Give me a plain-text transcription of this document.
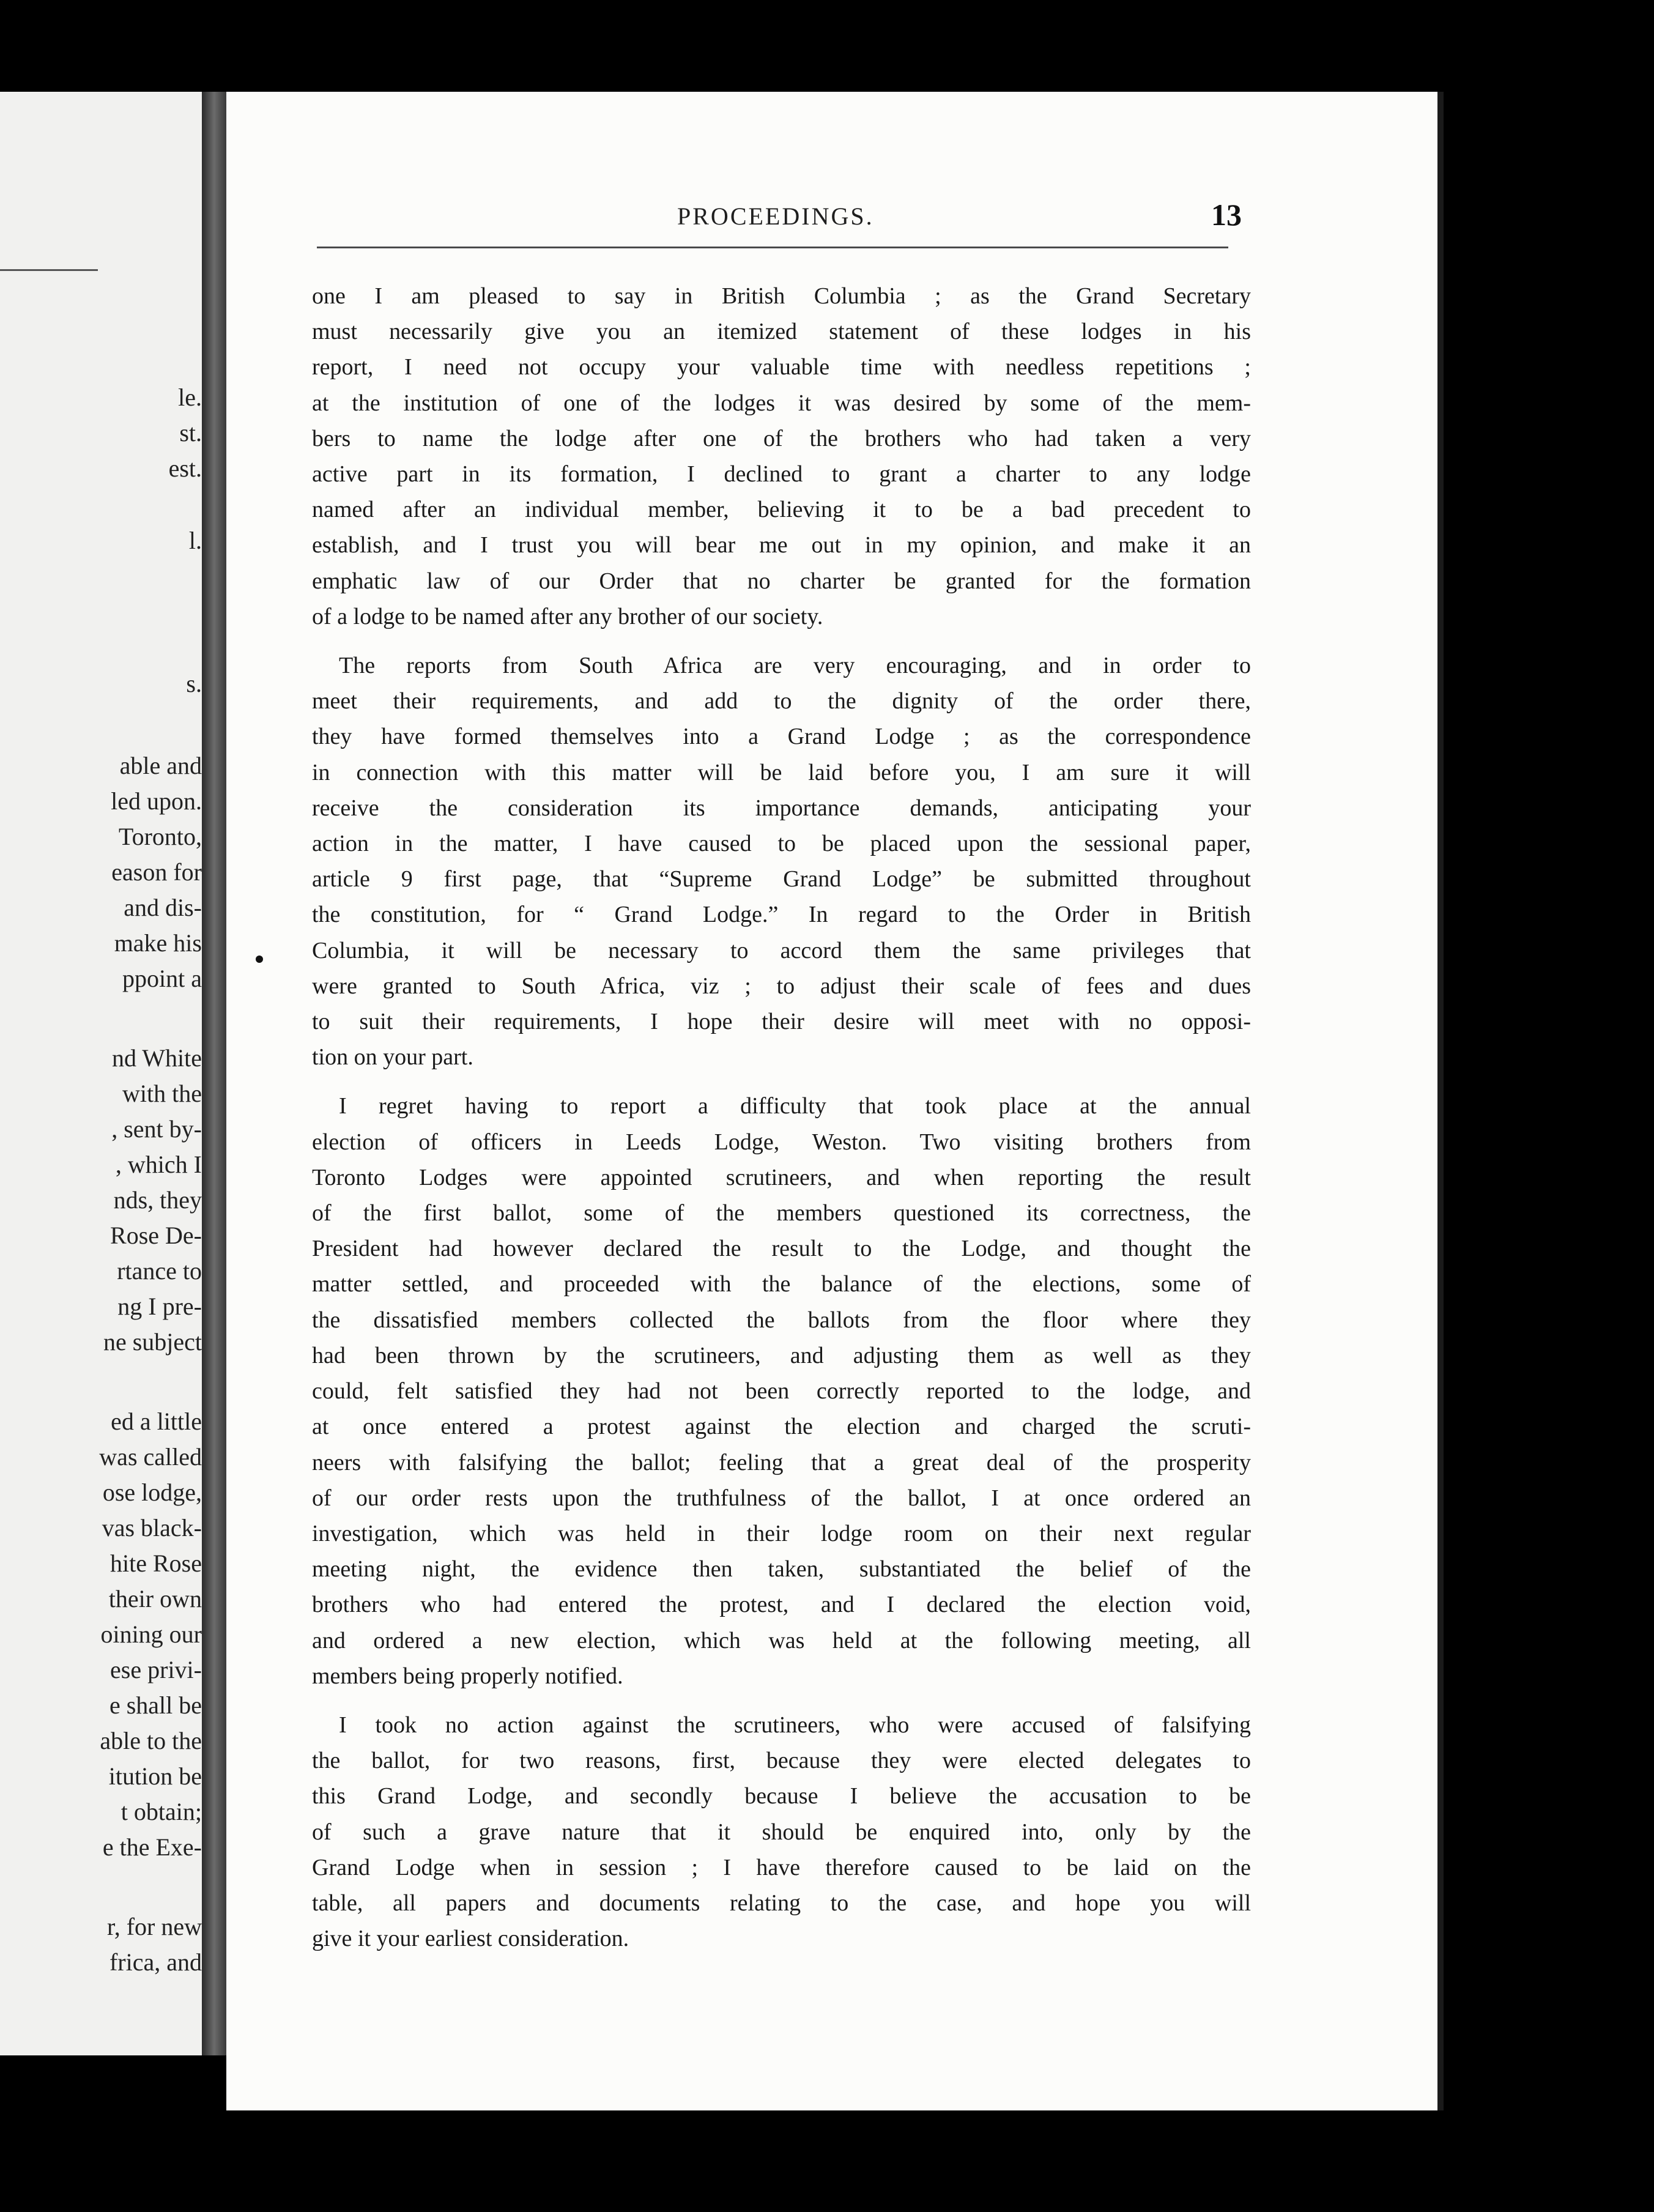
le.
st.
est.
l.
s.
able and
led upon.
Toronto,
eason for
and dis-
make his
ppoint a
nd White
with the
, sent by-
, which I
nds, they
Rose De-
rtance to
ng I pre-
ne subject
ed a little
was called
ose lodge,
vas black-
hite Rose
their own
oining our
ese privi-
e shall be
able to the
itution be
t obtain;
e the Exe-
r, for new
frica, and
PROCEEDINGS.	13
one I am pleased to say in British Columbia ; as the Grand Secretary
must necessarily give you an itemized statement of these lodges in his
report, I need not occupy your valuable time with needless repetitions ;
at the institution of one of the lodges it was desired by some of the mem-
bers to name the lodge after one of the brothers who had taken a very
active part in its formation, I declined to grant a charter to any lodge
named after an individual member, believing it to be a bad precedent to
establish, and I trust you will bear me out in my opinion, and make it an
emphatic law of our Order that no charter be granted for the formation
of a lodge to be named after any brother of our society.
The reports from South Africa are very encouraging, and in order to
meet their requirements, and add to the dignity of the order there,
they have formed themselves into a Grand Lodge ; as the correspondence
in connection with this matter will be laid before you, I am sure it will
receive the consideration its importance demands, anticipating your
action in the matter, I have caused to be placed upon the sessional paper,
article 9 first page, that “Supreme Grand Lodge” be submitted throughout
the constitution, for “ Grand Lodge.” In regard to the Order in British
Columbia, it will be necessary to accord them the same privileges that
were granted to South Africa, viz ; to adjust their scale of fees and dues
to suit their requirements, I hope their desire will meet with no opposi-
tion on your part.
I regret having to report a difficulty that took place at the annual
election of officers in Leeds Lodge, Weston. Two visiting brothers from
Toronto Lodges were appointed scrutineers, and when reporting the result
of the first ballot, some of the members questioned its correctness, the
President had however declared the result to the Lodge, and thought the
matter settled, and proceeded with the balance of the elections, some of
the dissatisfied members collected the ballots from the floor where they
had been thrown by the scrutineers, and adjusting them as well as they
could, felt satisfied they had not been correctly reported to the lodge, and
at once entered a protest against the election and charged the scruti-
neers with falsifying the ballot; feeling that a great deal of the prosperity
of our order rests upon the truthfulness of the ballot, I at once ordered an
investigation, which was held in their lodge room on their next regular
meeting night, the evidence then taken, substantiated the belief of the
brothers who had entered the protest, and I declared the election void,
and ordered a new election, which was held at the following meeting, all
members being properly notified.
I took no action against the scrutineers, who were accused of falsifying
the ballot, for two reasons, first, because they were elected delegates to
this Grand Lodge, and secondly because I believe the accusation to be
of such a grave nature that it should be enquired into, only by the
Grand Lodge when in session ; I have therefore caused to be laid on the
table, all papers and documents relating to the case, and hope you will
give it your earliest consideration.
